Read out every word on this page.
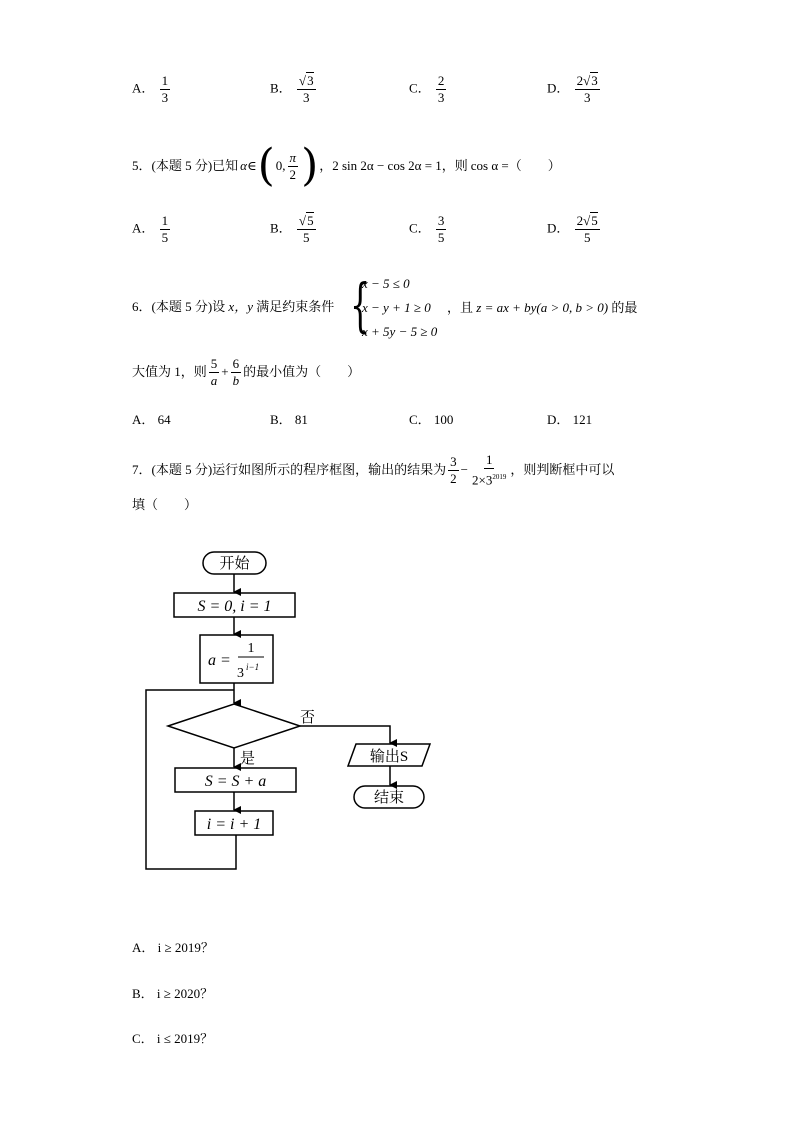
A． $\frac{1}{3}$	B． $\frac{√3}{3}$	C． $\frac{2}{3}$	D． $\frac{2√3}{3}$
5．(本题 5 分)已知 α∈ ( 0, $\frac{\pi}{2}$ ) ，2 sin 2α − cos 2α = 1，则 cos α =（　　）
A． $\frac{1}{5}$	B． $\frac{√5}{5}$	C． $\frac{3}{5}$	D． $\frac{2√5}{5}$
6．(本题 5 分)设 x，y 满足约束条件 {
x − 5 ≤ 0
x − y + 1 ≥ 0
x + 5y − 5 ≥ 0
，且 z = ax + by(a > 0, b > 0) 的最
大值为 1，则 $\frac{5}{a} + \frac{6}{b}$ 的最小值为（　　）
A． 64	B． 81	C． 100	D． 121
7．(本题 5 分)运行如图所示的程序框图，输出的结果为 $\frac{3}{2} - \frac{1}{2\times 3^{2019}}$ ，则判断框中可以
填（　　）
开始
S = 0, i = 1
a =
1
3 i−1
否
是	输出S
结束
S = S + a
i = i + 1
A． i ≥ 2019？
B． i ≥ 2020？
C． i ≤ 2019？
